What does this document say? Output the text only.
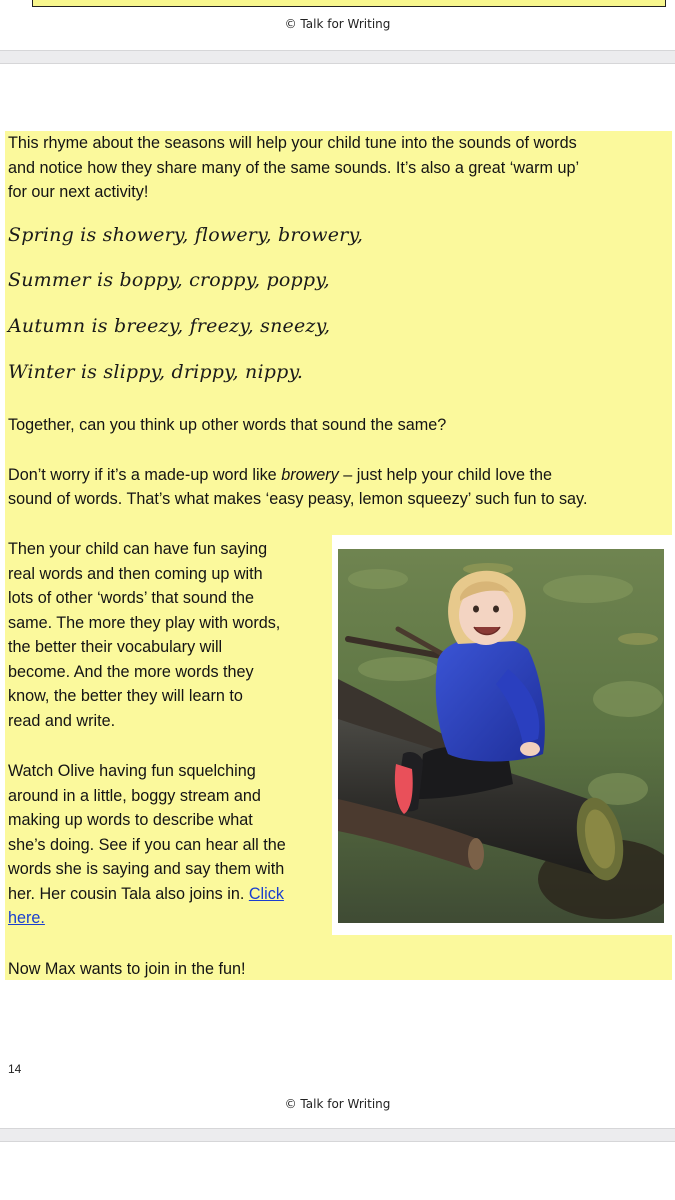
© Talk for Writing

This rhyme about the seasons will help your child tune into the sounds of words

and notice how they share many of the same sounds. It’s also a great ‘warm up’

for our next activity!

Spring is showery, flowery, browery,

Summer is boppy, croppy, poppy,

Autumn is breezy, freezy, sneezy,

Winter is slippy, drippy, nippy.

Together, can you think up other words that sound the same?

Don’t worry if it’s a made-up word like browery – just help your child love the

sound of words. That’s what makes ‘easy peasy, lemon squeezy’ such fun to say.

Then your child can have fun saying

real words and then coming up with

lots of other ‘words’ that sound the

same. The more they play with words,

the better their vocabulary will

become. And the more words they

know, the better they will learn to

read and write.

Watch Olive having fun squelching

around in a little, boggy stream and

making up words to describe what

she’s doing. See if you can hear all the

words she is saying and say them with

her. Her cousin Tala also joins in. Click

here.

Now Max wants to join in the fun!

14
© Talk for Writing
